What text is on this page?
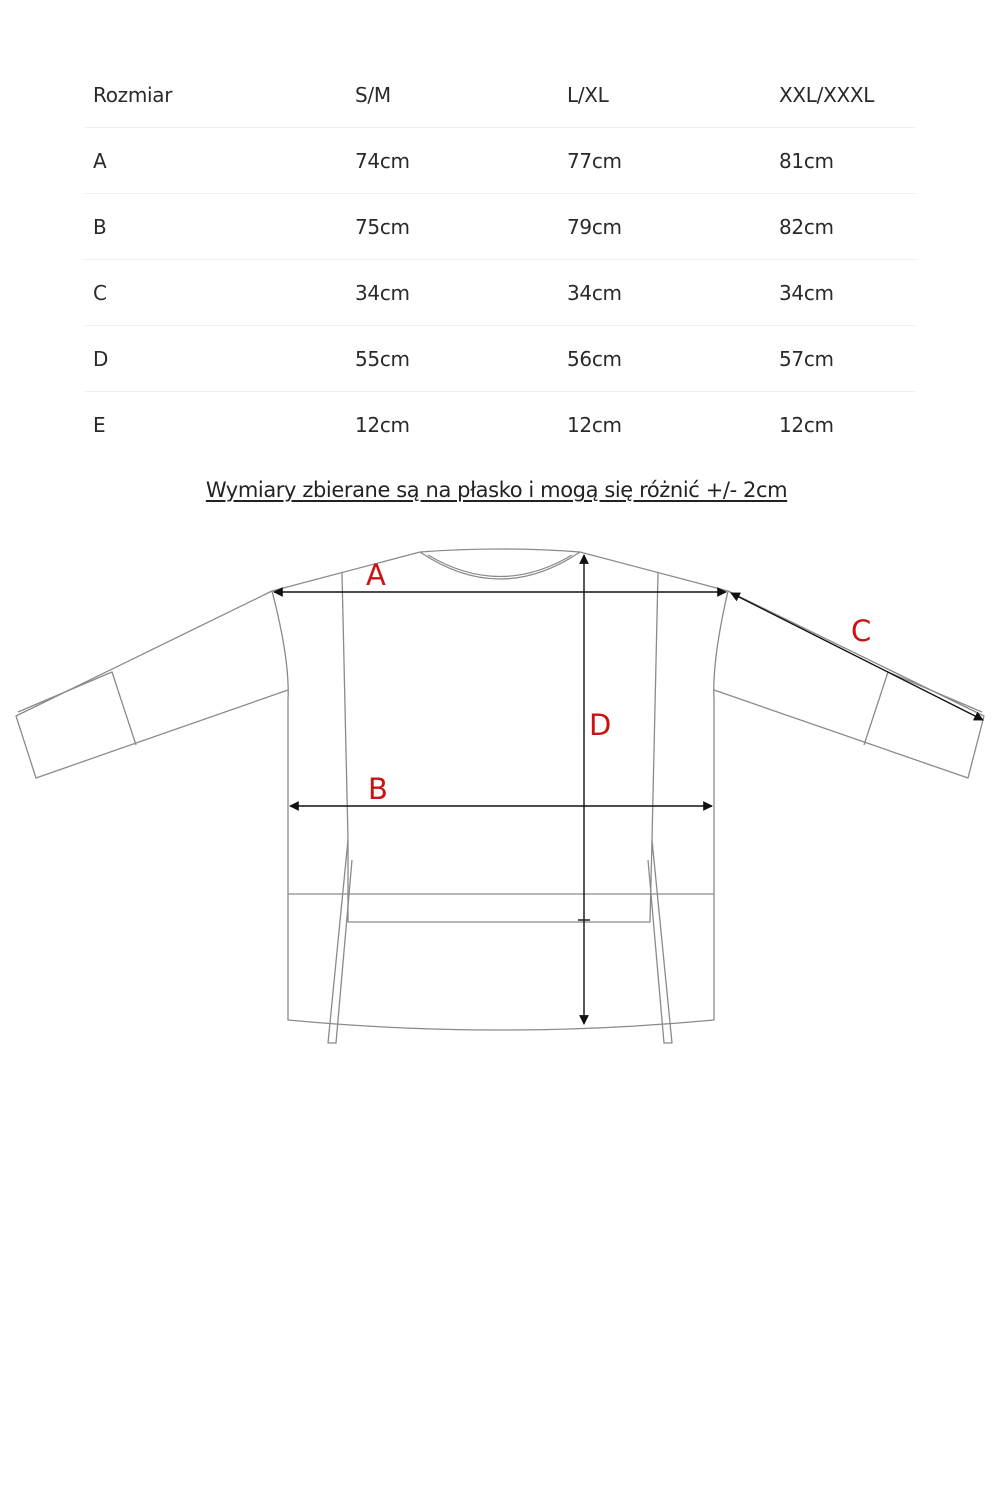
Rozmiar	S/M	L/XL	XXL/XXXL
A	74cm	77cm	81cm
B	75cm	79cm	82cm
C	34cm	34cm	34cm
D	55cm	56cm	57cm
E	12cm	12cm	12cm
Wymiary zbierane są na płasko i mogą się różnić +/- 2cm
A
B
C
D
